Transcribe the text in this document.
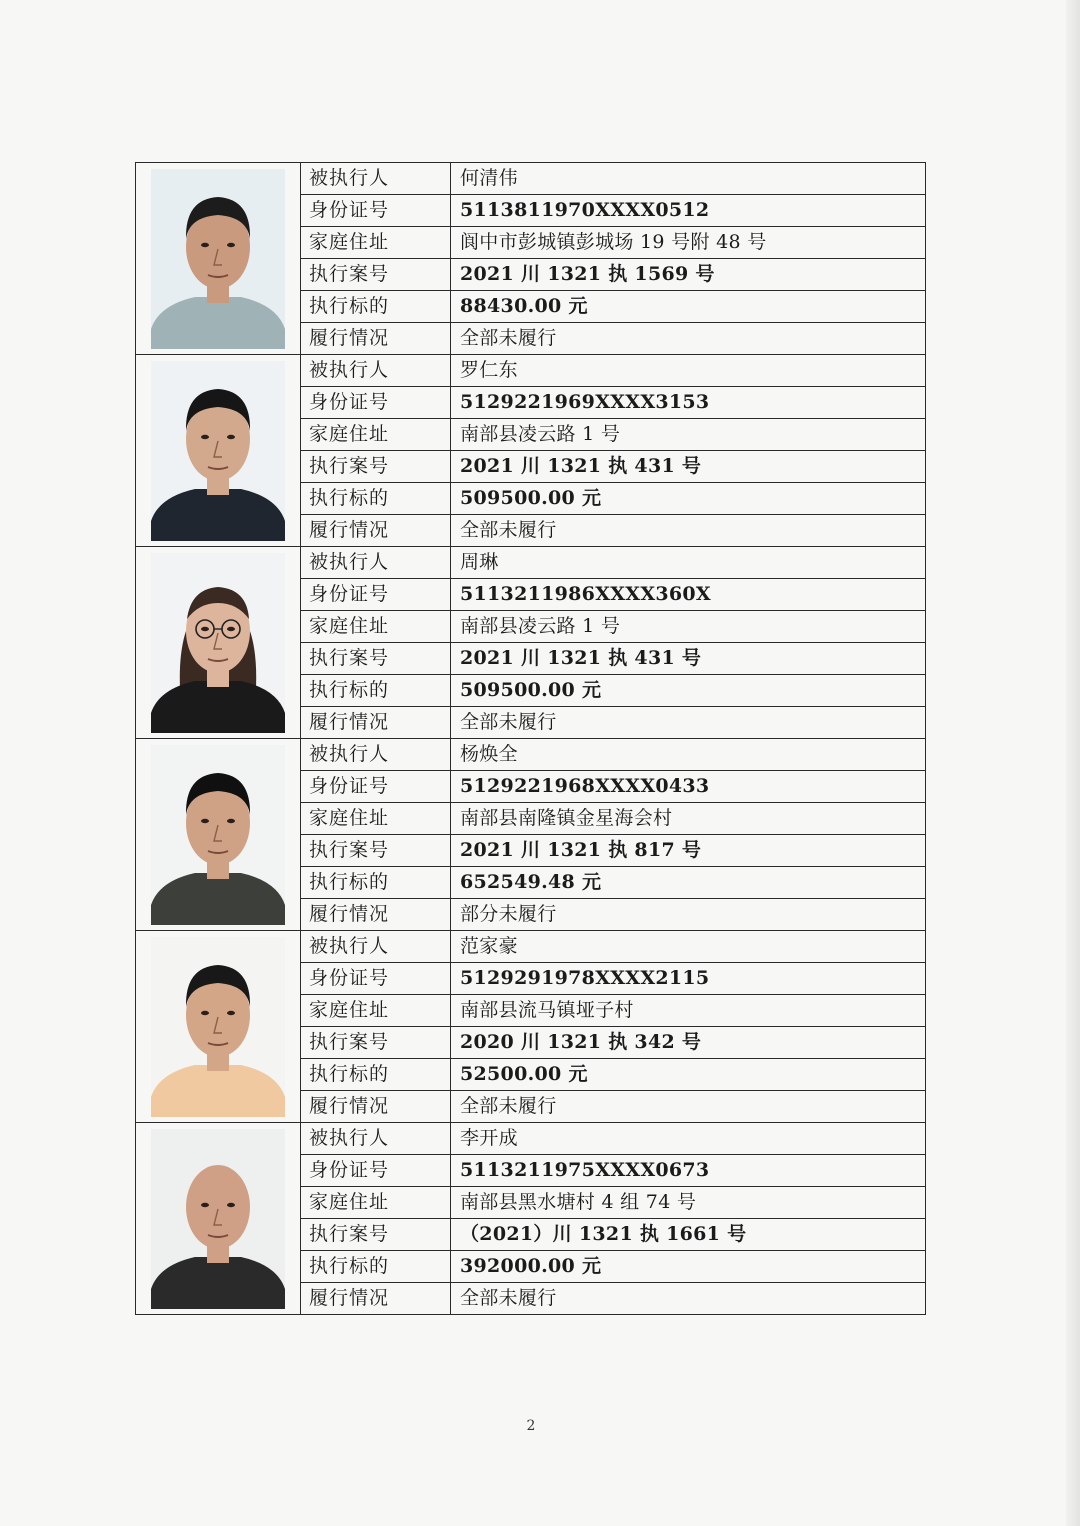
	被执行人	何清伟
	身份证号	5113811970XXXX0512
	家庭住址	阆中市彭城镇彭城场 19 号附 48 号
	执行案号	2021 川 1321 执 1569 号
	执行标的	88430.00 元
	履行情况	全部未履行

	被执行人	罗仁东
	身份证号	5129221969XXXX3153
	家庭住址	南部县凌云路 1 号
	执行案号	2021 川 1321 执 431 号
	执行标的	509500.00 元
	履行情况	全部未履行

	被执行人	周琳
	身份证号	5113211986XXXX360X
	家庭住址	南部县凌云路 1 号
	执行案号	2021 川 1321 执 431 号
	执行标的	509500.00 元
	履行情况	全部未履行

	被执行人	杨焕全
	身份证号	5129221968XXXX0433
	家庭住址	南部县南隆镇金星海会村
	执行案号	2021 川 1321 执 817 号
	执行标的	652549.48 元
	履行情况	部分未履行

	被执行人	范家豪
	身份证号	5129291978XXXX2115
	家庭住址	南部县流马镇垭子村
	执行案号	2020 川 1321 执 342 号
	执行标的	52500.00 元
	履行情况	全部未履行

	被执行人	李开成
	身份证号	5113211975XXXX0673
	家庭住址	南部县黑水塘村 4 组 74 号
	执行案号	（2021）川 1321 执 1661 号
	执行标的	392000.00 元
	履行情况	全部未履行
2
